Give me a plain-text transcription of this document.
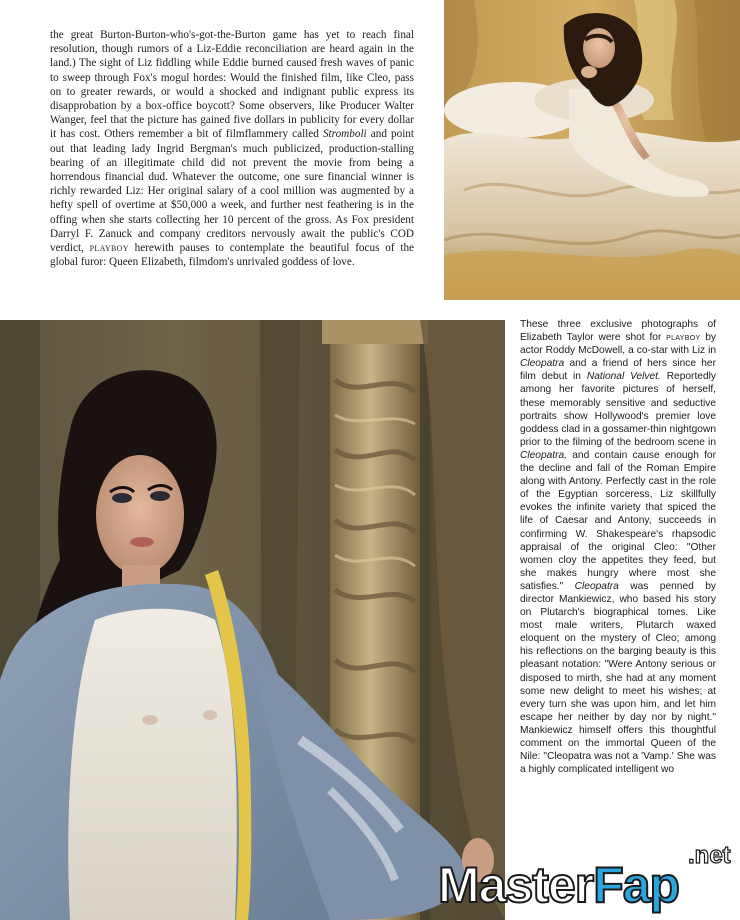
the great Burton-Burton-who's-got-the-Burton game has yet to reach final resolution, though rumors of a Liz-Eddie reconciliation are heard again in the land.) The sight of Liz fiddling while Eddie burned caused fresh waves of panic to sweep through Fox's mogul hordes: Would the finished film, like Cleo, pass on to greater rewards, or would a shocked and indignant public express its disapprobation by a box-office boycott? Some observers, like Producer Walter Wanger, feel that the picture has gained five dollars in publicity for every dollar it has cost. Others remember a bit of filmflammery called Stromboli and point out that leading lady Ingrid Bergman's much publicized, production-stalling bearing of an illegitimate child did not prevent the movie from being a horrendous financial dud. Whatever the outcome, one sure financial winner is richly rewarded Liz: Her original salary of a cool million was augmented by a hefty spell of overtime at $50,000 a week, and further nest feathering is in the offing when she starts collecting her 10 percent of the gross. As Fox president Darryl F. Zanuck and company creditors nervously await the public's COD verdict, playboy herewith pauses to contemplate the beautiful focus of the global furor: Queen Elizabeth, filmdom's unrivaled goddess of love.

These three exclusive photographs of Elizabeth Taylor were shot for playboy by actor Roddy McDowell, a co-star with Liz in Cleopatra and a friend of hers since her film debut in National Velvet. Reportedly among her favorite pictures of herself, these memorably sensitive and seductive portraits show Hollywood's premier love goddess clad in a gossamer-thin nightgown prior to the filming of the bedroom scene in Cleopatra, and contain cause enough for the decline and fall of the Roman Empire along with Antony. Perfectly cast in the role of the Egyptian sorceress, Liz skillfully evokes the infinite variety that spiced the life of Caesar and Antony, succeeds in confirming W. Shakespeare's rhapsodic appraisal of the original Cleo: "Other women cloy the appetites they feed, but she makes hungry where most she satisfies." Cleopatra was penned by director Mankiewicz, who based his story on Plutarch's biographical tomes. Like most male writers, Plutarch waxed eloquent on the mystery of Cleo; among his reflections on the barging beauty is this pleasant notation: "Were Antony serious or disposed to mirth, she had at any moment some new delight to meet his wishes; at every turn she was upon him, and let him escape her neither by day nor by night." Mankiewicz himself offers this thoughtful comment on the immortal Queen of the Nile: "Cleopatra was not a 'Vamp.' She was a highly complicated intelligent wo

.net
MasterFap
